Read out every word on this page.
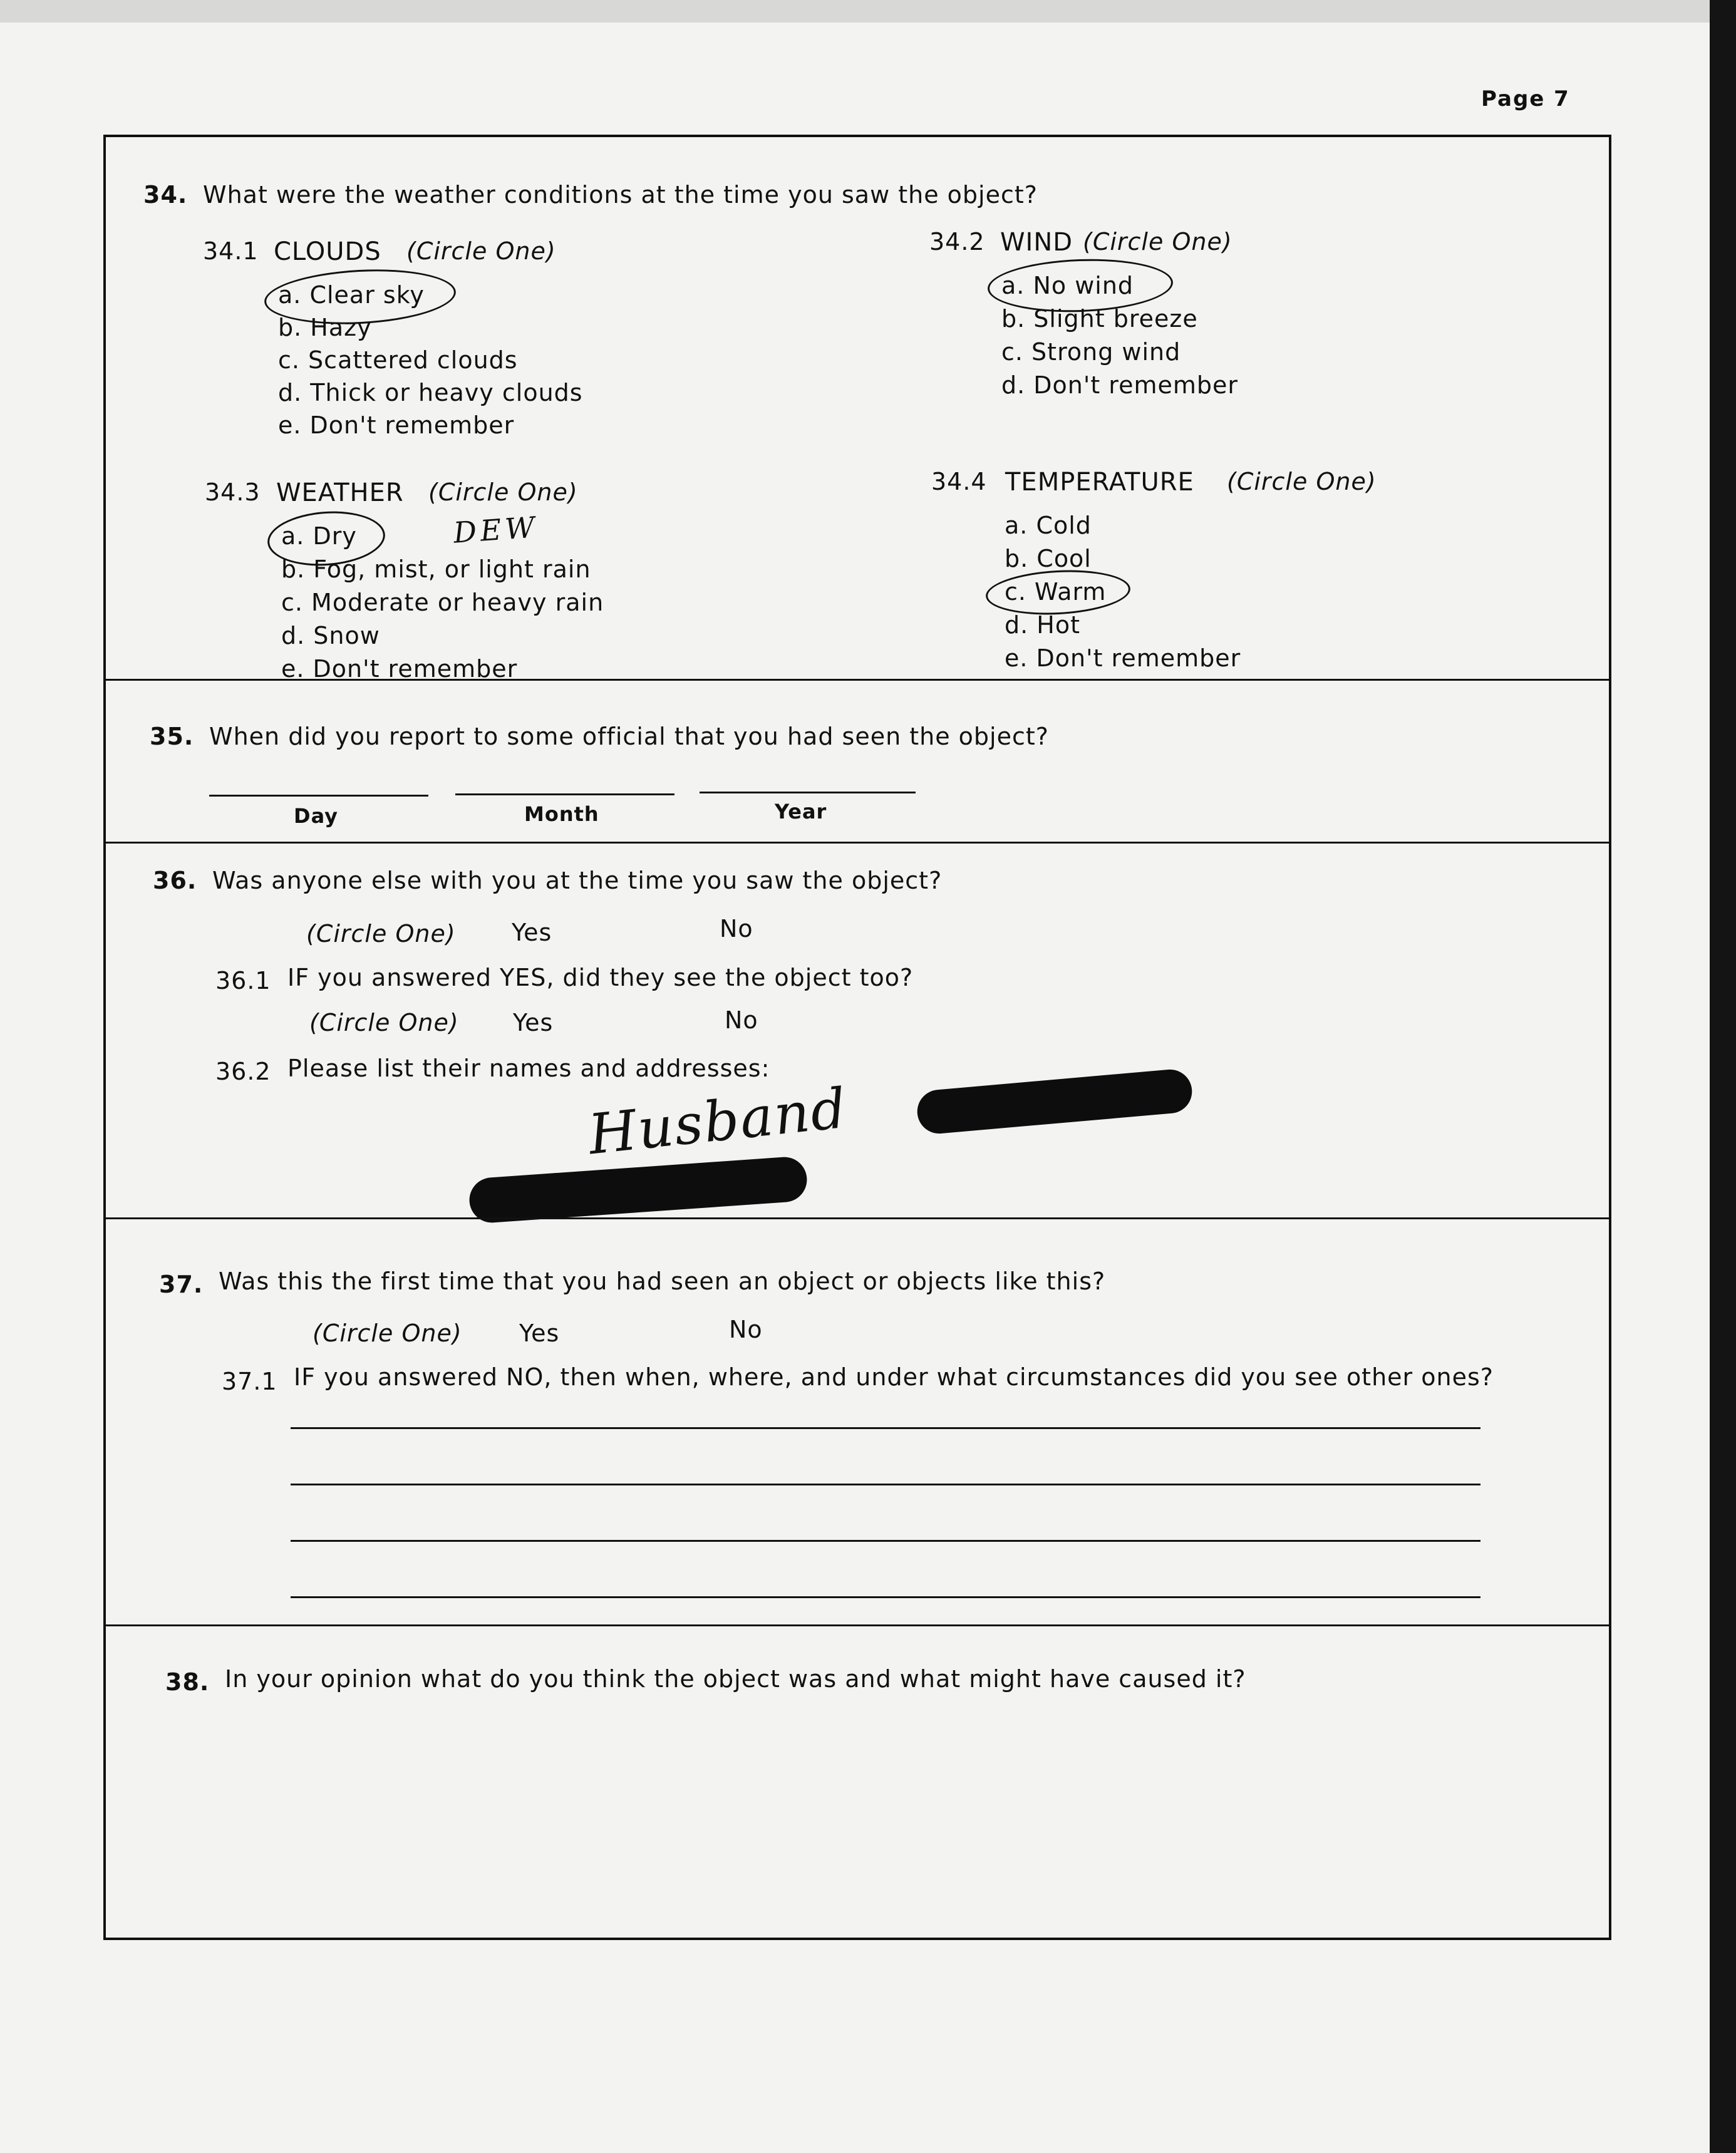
Page 7
34. What were the weather conditions at the time you saw the object?
34.1 CLOUDS (Circle One)
a. Clear sky
b. Hazy
c. Scattered clouds
d. Thick or heavy clouds
e. Don't remember
34.2 WIND (Circle One)
a. No wind
b. Slight breeze
c. Strong wind
d. Don't remember
34.3 WEATHER (Circle One)
a. Dry
b. Fog, mist, or light rain
c. Moderate or heavy rain
d. Snow
e. Don't remember
DEW
34.4 TEMPERATURE (Circle One)
a. Cold
b. Cool
c. Warm
d. Hot
e. Don't remember
35. When did you report to some official that you had seen the object?
Day	Month	Year
36. Was anyone else with you at the time you saw the object?
(Circle One) Yes	No
36.1 IF you answered YES, did they see the object too?
(Circle One) Yes	No
36.2 Please list their names and addresses:
Husband
37. Was this the first time that you had seen an object or objects like this?
(Circle One) Yes	No
37.1 IF you answered NO, then when, where, and under what circumstances did you see other ones?
38. In your opinion what do you think the object was and what might have caused it?
